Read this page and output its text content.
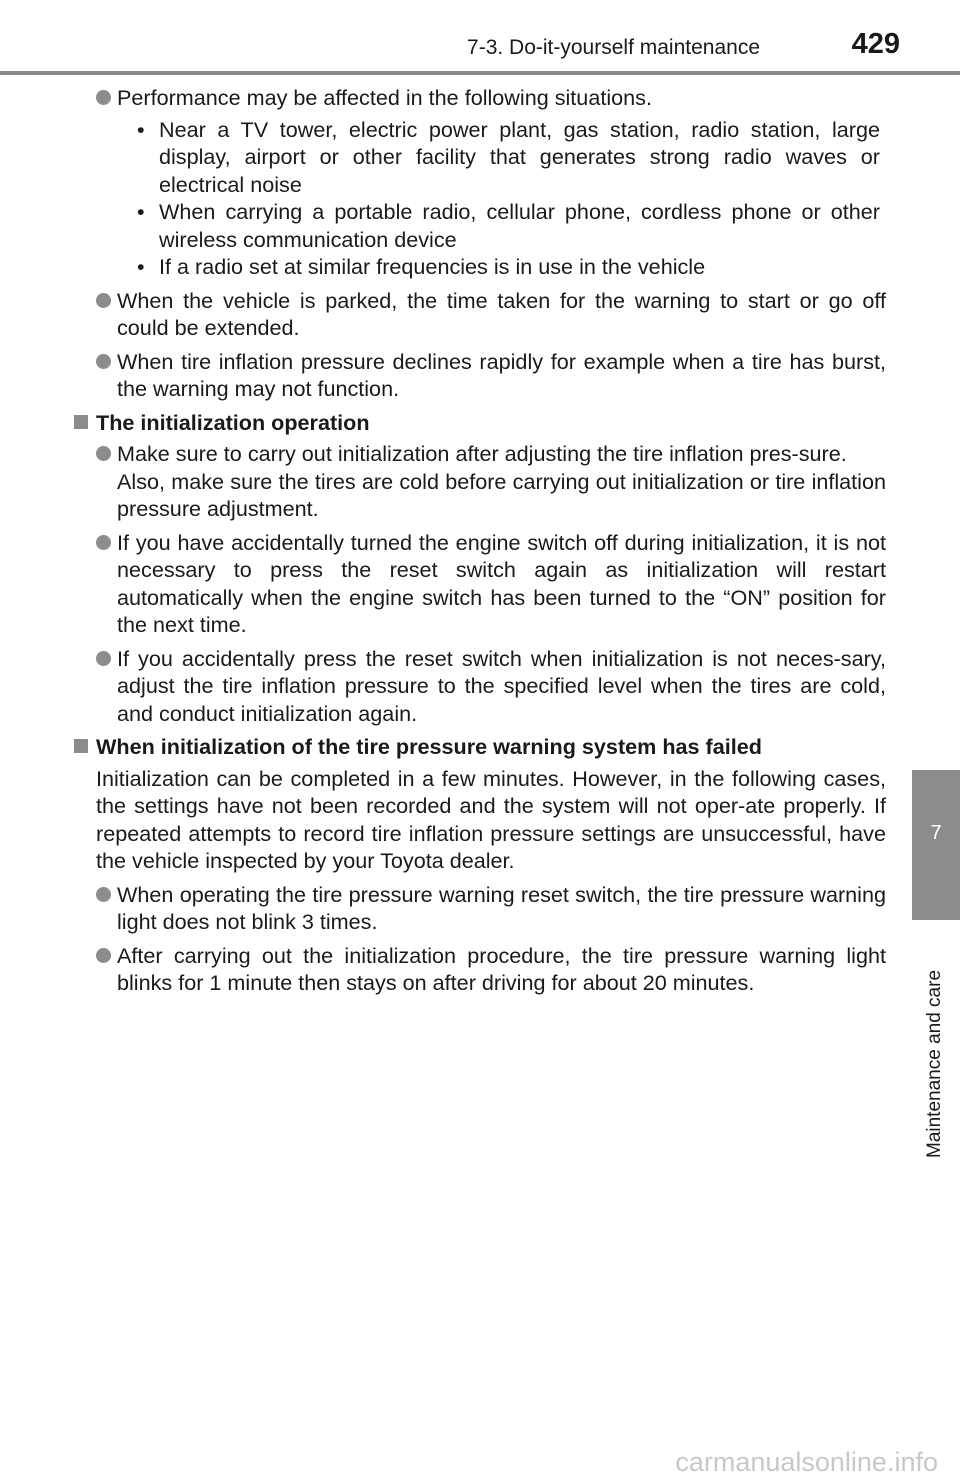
7-3. Do-it-yourself maintenance	429
7
Maintenance and care
Performance may be affected in the following situations.
• Near a TV tower, electric power plant, gas station, radio station, large display, airport or other facility that generates strong radio waves or electrical noise
• When carrying a portable radio, cellular phone, cordless phone or other wireless communication device
• If a radio set at similar frequencies is in use in the vehicle
When the vehicle is parked, the time taken for the warning to start or go off could be extended.
When tire inflation pressure declines rapidly for example when a tire has burst, the warning may not function.
The initialization operation
Make sure to carry out initialization after adjusting the tire inflation pres-sure.
Also, make sure the tires are cold before carrying out initialization or tire inflation pressure adjustment.
If you have accidentally turned the engine switch off during initialization, it is not necessary to press the reset switch again as initialization will restart automatically when the engine switch has been turned to the “ON” position for the next time.
If you accidentally press the reset switch when initialization is not neces-sary, adjust the tire inflation pressure to the specified level when the tires are cold, and conduct initialization again.
When initialization of the tire pressure warning system has failed
Initialization can be completed in a few minutes. However, in the following cases, the settings have not been recorded and the system will not oper-ate properly. If repeated attempts to record tire inflation pressure settings are unsuccessful, have the vehicle inspected by your Toyota dealer.
When operating the tire pressure warning reset switch, the tire pressure warning light does not blink 3 times.
After carrying out the initialization procedure, the tire pressure warning light blinks for 1 minute then stays on after driving for about 20 minutes.
carmanualsonline.info
